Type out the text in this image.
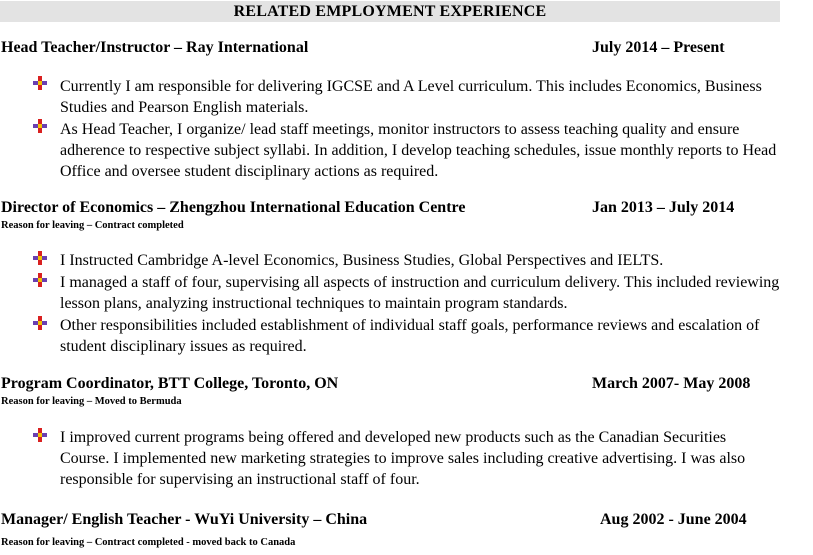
RELATED EMPLOYMENT EXPERIENCE
Head Teacher/Instructor – Ray International	July 2014 – Present
Currently I am responsible for delivering IGCSE and A Level curriculum. This includes Economics, Business Studies and Pearson English materials.
As Head Teacher, I organize/ lead staff meetings, monitor instructors to assess teaching quality and ensure adherence to respective subject syllabi. In addition, I develop teaching schedules, issue monthly reports to Head Office and oversee student disciplinary actions as required.
Director of Economics – Zhengzhou International Education Centre	Jan 2013 – July 2014
Reason for leaving – Contract completed
I Instructed Cambridge A-level Economics, Business Studies, Global Perspectives and IELTS.
I managed a staff of four, supervising all aspects of instruction and curriculum delivery. This included reviewing lesson plans, analyzing instructional techniques to maintain program standards.
Other responsibilities included establishment of individual staff goals, performance reviews and escalation of student disciplinary issues as required.
Program Coordinator, BTT College, Toronto, ON	March 2007- May 2008
Reason for leaving – Moved to Bermuda
I improved current programs being offered and developed new products such as the Canadian Securities Course. I implemented new marketing strategies to improve sales including creative advertising. I was also responsible for supervising an instructional staff of four.
Manager/ English Teacher - WuYi University – China	Aug 2002 - June 2004
Reason for leaving – Contract completed - moved back to Canada
